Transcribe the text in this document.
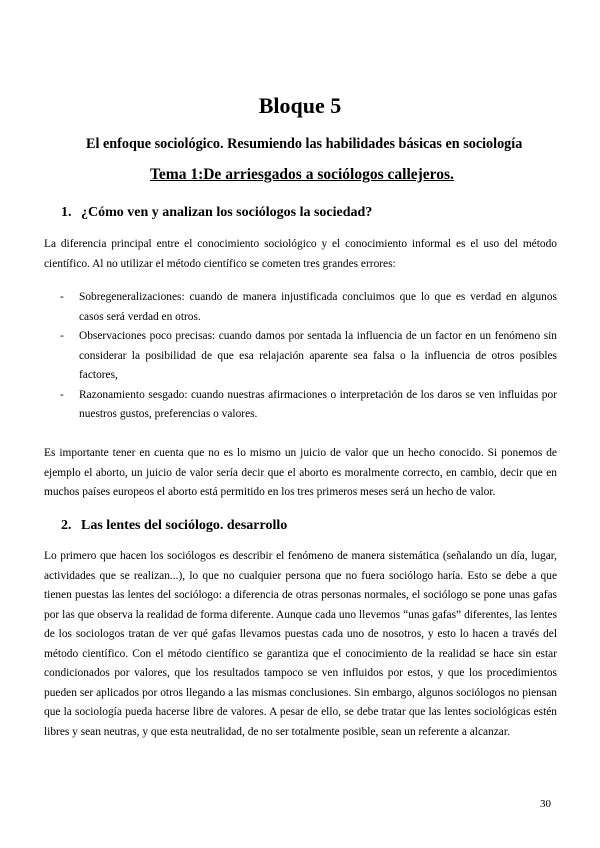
Bloque 5
El enfoque sociológico. Resumiendo las habilidades básicas en sociología
Tema 1:De arriesgados a sociólogos callejeros.
1. ¿Cómo ven y analizan los sociólogos la sociedad?

La diferencia principal entre el conocimiento sociológico y el conocimiento informal es el uso del método científico. Al no utilizar el método científico se cometen tres grandes errores:

- Sobregeneralizaciones: cuando de manera injustificada concluimos que lo que es verdad en algunos casos será verdad en otros.
- Observaciones poco precisas: cuando damos por sentada la influencia de un factor en un fenómeno sin considerar la posibilidad de que esa relajación aparente sea falsa o la influencia de otros posibles factores,
- Razonamiento sesgado: cuando nuestras afirmaciones o interpretación de los daros se ven influidas por nuestros gustos, preferencias o valores.

Es importante tener en cuenta que no es lo mismo un juicio de valor que un hecho conocido. Si ponemos de ejemplo el aborto, un juicio de valor sería decir que el aborto es moralmente correcto, en cambio, decir que en muchos países europeos el aborto está permitido en los tres primeros meses será un hecho de valor.

2. Las lentes del sociólogo. desarrollo

Lo primero que hacen los sociólogos es describir el fenómeno de manera sistemática (señalando un día, lugar, actividades que se realizan...), lo que no cualquier persona que no fuera sociólogo haría. Esto se debe a que tienen puestas las lentes del sociólogo: a diferencia de otras personas normales, el sociólogo se pone unas gafas por las que observa la realidad de forma diferente. Aunque cada uno llevemos “unas gafas” diferentes, las lentes de los sociologos tratan de ver qué gafas llevamos puestas cada uno de nosotros, y esto lo hacen a través del método científico. Con el método científico se garantiza que el conocimiento de la realidad se hace sin estar condicionados por valores, que los resultados tampoco se ven influidos por estos, y que los procedimientos pueden ser aplicados por otros llegando a las mismas conclusiones. Sin embargo, algunos sociólogos no piensan que la sociología pueda hacerse libre de valores. A pesar de ello, se debe tratar que las lentes sociológicas estén libres y sean neutras, y que esta neutralidad, de no ser totalmente posible, sean un referente a alcanzar.

30
